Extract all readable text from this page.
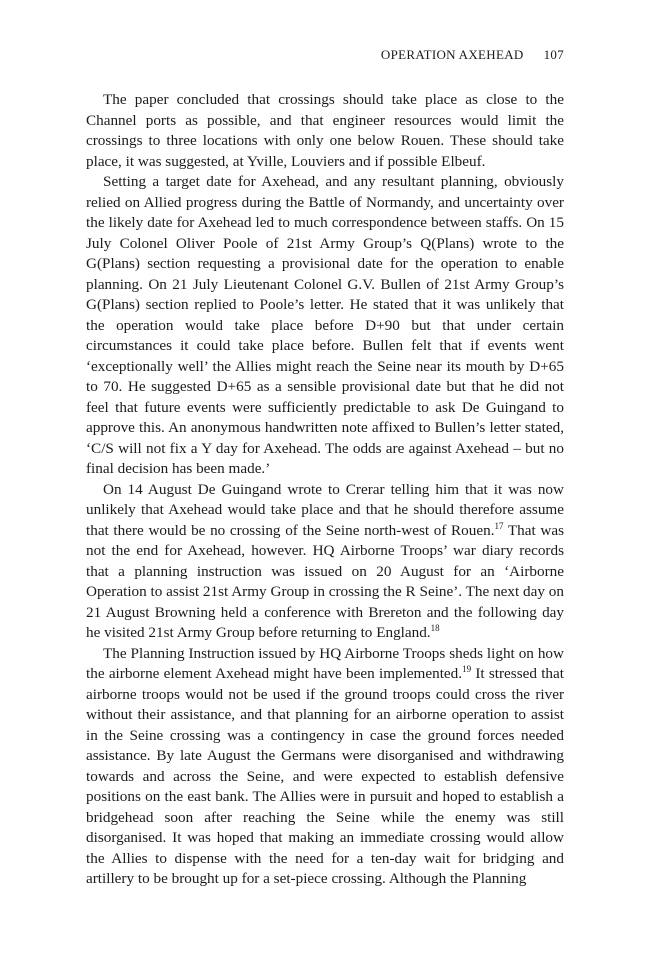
OPERATION AXEHEAD 107

The paper concluded that crossings should take place as close to the Channel ports as possible, and that engineer resources would limit the crossings to three locations with only one below Rouen. These should take place, it was suggested, at Yville, Louviers and if possible Elbeuf.

Setting a target date for Axehead, and any resultant planning, obviously relied on Allied progress during the Battle of Normandy, and uncertainty over the likely date for Axehead led to much correspondence between staffs. On 15 July Colonel Oliver Poole of 21st Army Group’s Q(Plans) wrote to the G(Plans) section requesting a provisional date for the operation to enable planning. On 21 July Lieutenant Colonel G.V. Bullen of 21st Army Group’s G(Plans) section replied to Poole’s letter. He stated that it was unlikely that the operation would take place before D+90 but that under certain circumstances it could take place before. Bullen felt that if events went ‘exceptionally well’ the Allies might reach the Seine near its mouth by D+65 to 70. He suggested D+65 as a sensible provisional date but that he did not feel that future events were sufficiently predictable to ask De Guingand to approve this. An anonymous handwritten note affixed to Bullen’s letter stated, ‘C/S will not fix a Y day for Axehead. The odds are against Axehead – but no final decision has been made.’

On 14 August De Guingand wrote to Crerar telling him that it was now unlikely that Axehead would take place and that he should therefore assume that there would be no crossing of the Seine north-west of Rouen.$^{17}$ That was not the end for Axehead, however. HQ Airborne Troops’ war diary records that a planning instruction was issued on 20 August for an ‘Airborne Operation to assist 21st Army Group in crossing the R Seine’. The next day on 21 August Browning held a conference with Brereton and the following day he visited 21st Army Group before returning to England.$^{18}$

The Planning Instruction issued by HQ Airborne Troops sheds light on how the airborne element Axehead might have been implemented.$^{19}$ It stressed that airborne troops would not be used if the ground troops could cross the river without their assistance, and that planning for an airborne operation to assist in the Seine crossing was a contingency in case the ground forces needed assistance. By late August the Germans were disorganised and withdrawing towards and across the Seine, and were expected to establish defensive positions on the east bank. The Allies were in pursuit and hoped to establish a bridgehead soon after reaching the Seine while the enemy was still disorganised. It was hoped that making an immediate crossing would allow the Allies to dispense with the need for a ten-day wait for bridging and artillery to be brought up for a set-piece crossing. Although the Planning
